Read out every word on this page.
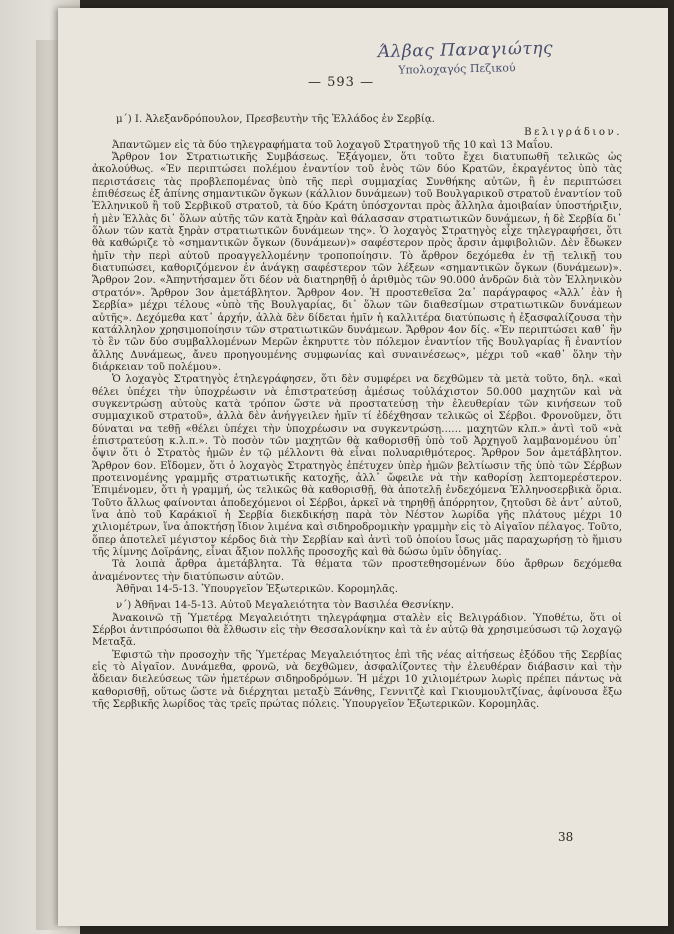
Άλβας Παναγιώτης
Υπολοχαγός Πεζικού
— 593 —

μ΄) Ι. Ἀλεξανδρόπουλον, Πρεσβευτὴν τῆς Ἑλλάδος ἐν Σερβίᾳ.

Βελιγράδιον.

Ἀπαντῶμεν εἰς τὰ δύο τηλεγραφήματα τοῦ λοχαγοῦ Στρατηγοῦ τῆς 10 καὶ 13 Μαΐου.

Ἄρθρον 1ον Στρατιωτικῆς Συμβάσεως. Ἐξάγομεν, ὅτι τοῦτο ἔχει διατυπωθῆ τελικῶς ὡς ἀκολούθως. «Ἐν περιπτώσει πολέμου ἐναντίον τοῦ ἑνὸς τῶν δύο Κρατῶν, ἐκραγέντος ὑπὸ τὰς περιστάσεις τὰς προβλεπομένας ὑπὸ τῆς περὶ συμμαχίας Συνθήκης αὐτῶν, ἢ ἐν περιπτώσει ἐπιθέσεως ἐξ ἀπίνης σημαντικῶν ὄγκων (κάλλιον δυνάμεων) τοῦ Βουλγαρικοῦ στρατοῦ ἐναντίον τοῦ Ἑλληνικοῦ ἢ τοῦ Σερβικοῦ στρατοῦ, τὰ δύο Κράτη ὑπόσχονται πρὸς ἄλληλα ἀμοιβαίαν ὑποστήριξιν, ἡ μὲν Ἑλλὰς δι᾽ ὅλων αὐτῆς τῶν κατὰ ξηρὰν καὶ θάλασσαν στρατιωτικῶν δυνάμεων, ἡ δὲ Σερβία δι᾽ ὅλων τῶν κατὰ ξηρὰν στρατιωτικῶν δυνάμεων της». Ὁ λοχαγὸς Στρατηγὸς εἶχε τηλεγραφήσει, ὅτι θὰ καθώριζε τὸ «σημαντικῶν ὄγκων (δυνάμεων)» σαφέστερον πρὸς ἄρσιν ἀμφιβολιῶν. Δὲν ἔδωκεν ἡμῖν τὴν περὶ αὐτοῦ προαγγελλομένην τροποποίησιν. Τὸ ἄρθρον δεχόμεθα ἐν τῇ τελικῇ του διατυπώσει, καθοριζόμενον ἐν ἀνάγκῃ σαφέστερον τῶν λέξεων «σημαντικῶν ὄγκων (δυνάμεων)». Ἄρθρον 2ον. «Ἀπηντήσαμεν ὅτι δέον νὰ διατηρηθῇ ὁ ἀριθμὸς τῶν 90.000 ἀνδρῶν διὰ τὸν Ἑλληνικὸν στρατόν». Ἄρθρον 3ον ἀμετάβλητον. Ἄρθρον 4ον. Ἡ προστεθεῖσα 2α᾽ παράγραφος «Ἀλλ᾽ ἐὰν ἡ Σερβία» μέχρι τέλους «ὑπὸ τῆς Βουλγαρίας, δι᾽ ὅλων τῶν διαθεσίμων στρατιωτικῶν δυνάμεων αὐτῆς». Δεχόμεθα κατ᾽ ἀρχήν, ἀλλὰ δὲν δίδεται ἡμῖν ἡ καλλιτέρα διατύπωσις ἡ ἐξασφαλίζουσα τὴν κατάλληλον χρησιμοποίησιν τῶν στρατιωτικῶν δυνάμεων. Ἄρθρον 4ον δίς. «Ἐν περιπτώσει καθ᾽ ἣν τὸ ἓν τῶν δύο συμβαλλομένων Μερῶν ἐκηρυττε τὸν πόλεμον ἐναντίον τῆς Βουλγαρίας ἢ ἐναντίον ἄλλης Δυνάμεως, ἄνευ προηγουμένης συμφωνίας καὶ συναινέσεως», μέχρι τοῦ «καθ᾽ ὅλην τὴν διάρκειαν τοῦ πολέμου».

Ὁ λοχαγὸς Στρατηγὸς ἐτηλεγράφησεν, ὅτι δὲν συμφέρει να δεχθῶμεν τὰ μετὰ τοῦτο, δηλ. «καὶ θέλει ὑπέχει τὴν ὑποχρέωσιν νὰ ἐπιστρατεύσῃ ἀμέσως τοὐλάχιστον 50.000 μαχητῶν καὶ νὰ συγκεντρώσῃ αὐτοὺς κατὰ τρόπον ὥστε νὰ προστατεύσῃ τὴν ἐλευθερίαν τῶν κινήσεων τοῦ συμμαχικοῦ στρατοῦ», ἀλλὰ δὲν ἀνήγγειλεν ἡμῖν τί ἐδέχθησαν τελικῶς οἱ Σέρβοι. Φρονοῦμεν, ὅτι δύναται να τεθῇ «θέλει ὑπέχει τὴν ὑποχρέωσιν να συγκεντρώσῃ…… μαχητῶν κλπ.» ἀντὶ τοῦ «νὰ ἐπιστρατεύσῃ κ.λ.π.». Τὸ ποσὸν τῶν μαχητῶν θὰ καθορισθῇ ὑπὸ τοῦ Ἀρχηγοῦ λαμβανομένου ὑπ᾽ ὄψιν ὅτι ὁ Στρατὸς ἡμῶν ἐν τῷ μέλλοντι θὰ εἶναι πολυαριθμότερος. Ἄρθρον 5ον ἀμετάβλητον. Ἄρθρον 6ον. Εἴδομεν, ὅτι ὁ λοχαγὸς Στρατηγὸς ἐπέτυχεν ὑπὲρ ἡμῶν βελτίωσιν τῆς ὑπὸ τῶν Σέρβων προτεινομένης γραμμῆς στρατιωτικῆς κατοχῆς, ἀλλ᾽ ὤφειλε νὰ τὴν καθορίσῃ λεπτομερέστερον. Ἐπιμένομεν, ὅτι ἡ γραμμή, ὡς τελικῶς θὰ καθορισθῇ, θὰ ἀποτελῇ ἐνδεχόμενα Ἑλληνοσερβικὰ ὅρια. Τοῦτο ἄλλως φαίνονται ἀποδεχόμενοι οἱ Σέρβοι, ἀρκεῖ νὰ τηρηθῇ ἀπόρρητον, ζητοῦσι δὲ ἀντ᾽ αὐτοῦ, ἵνα ἀπὸ τοῦ Καράκιοϊ ἡ Σερβία διεκδικήσῃ παρὰ τὸν Νέστον λωρίδα γῆς πλάτους μέχρι 10 χιλιομέτρων, ἵνα ἀποκτήσῃ ἴδιον λιμένα καὶ σιδηροδρομικὴν γραμμὴν εἰς τὸ Αἰγαῖον πέλαγος. Τοῦτο, ὅπερ ἀποτελεῖ μέγιστον κέρδος διὰ τὴν Σερβίαν καὶ ἀντὶ τοῦ ὁποίου ἴσως μᾶς παραχωρήσῃ τὸ ἥμισυ τῆς λίμνης Δοϊράνης, εἶναι ἄξιον πολλῆς προσοχῆς καὶ θὰ δώσω ὑμῖν ὁδηγίας.

Τὰ λοιπὰ ἄρθρα ἀμετάβλητα. Τὰ θέματα τῶν προστεθησομένων δύο ἄρθρων δεχόμεθα ἀναμένοντες τὴν διατύπωσιν αὐτῶν.

Ἀθῆναι 14-5-13. Ὑπουργεῖον Ἐξωτερικῶν. Κορομηλᾶς.

ν΄) Ἀθῆναι 14-5-13. Αὐτοῦ Μεγαλειότητα τὸν Βασιλέα Θεσνίκην.

Ἀνακοινῶ τῇ Ὑμετέρᾳ Μεγαλειότητι τηλεγράφημα σταλὲν εἰς Βελιγράδιον. Ὑποθέτω, ὅτι οἱ Σέρβοι ἀντιπρόσωποι θὰ ἔλθωσιν εἰς τὴν Θεσσαλονίκην καὶ τὰ ἐν αὐτῷ θὰ χρησιμεύσωσι τῷ λοχαγῷ Μεταξᾶ.

Ἐφιστῶ τὴν προσοχὴν τῆς Ὑμετέρας Μεγαλειότητος ἐπὶ τῆς νέας αἰτήσεως ἐξόδου τῆς Σερβίας εἰς τὸ Αἰγαῖον. Δυνάμεθα, φρονῶ, νὰ δεχθῶμεν, ἀσφαλίζοντες τὴν ἐλευθέραν διάβασιν καὶ τὴν ἄδειαν διελεύσεως τῶν ἡμετέρων σιδηροδρόμων. Ἡ μέχρι 10 χιλιομέτρων λωρὶς πρέπει πάντως νὰ καθορισθῇ, οὕτως ὥστε νὰ διέρχηται μεταξὺ Ξάνθης, Γεννιτζὲ καὶ Γκιουμουλτζίνας, ἀφίνουσα ἔξω τῆς Σερβικῆς λωρίδος τὰς τρεῖς πρώτας πόλεις. Ὑπουργεῖον Ἐξωτερικῶν. Κορομηλᾶς.

38
